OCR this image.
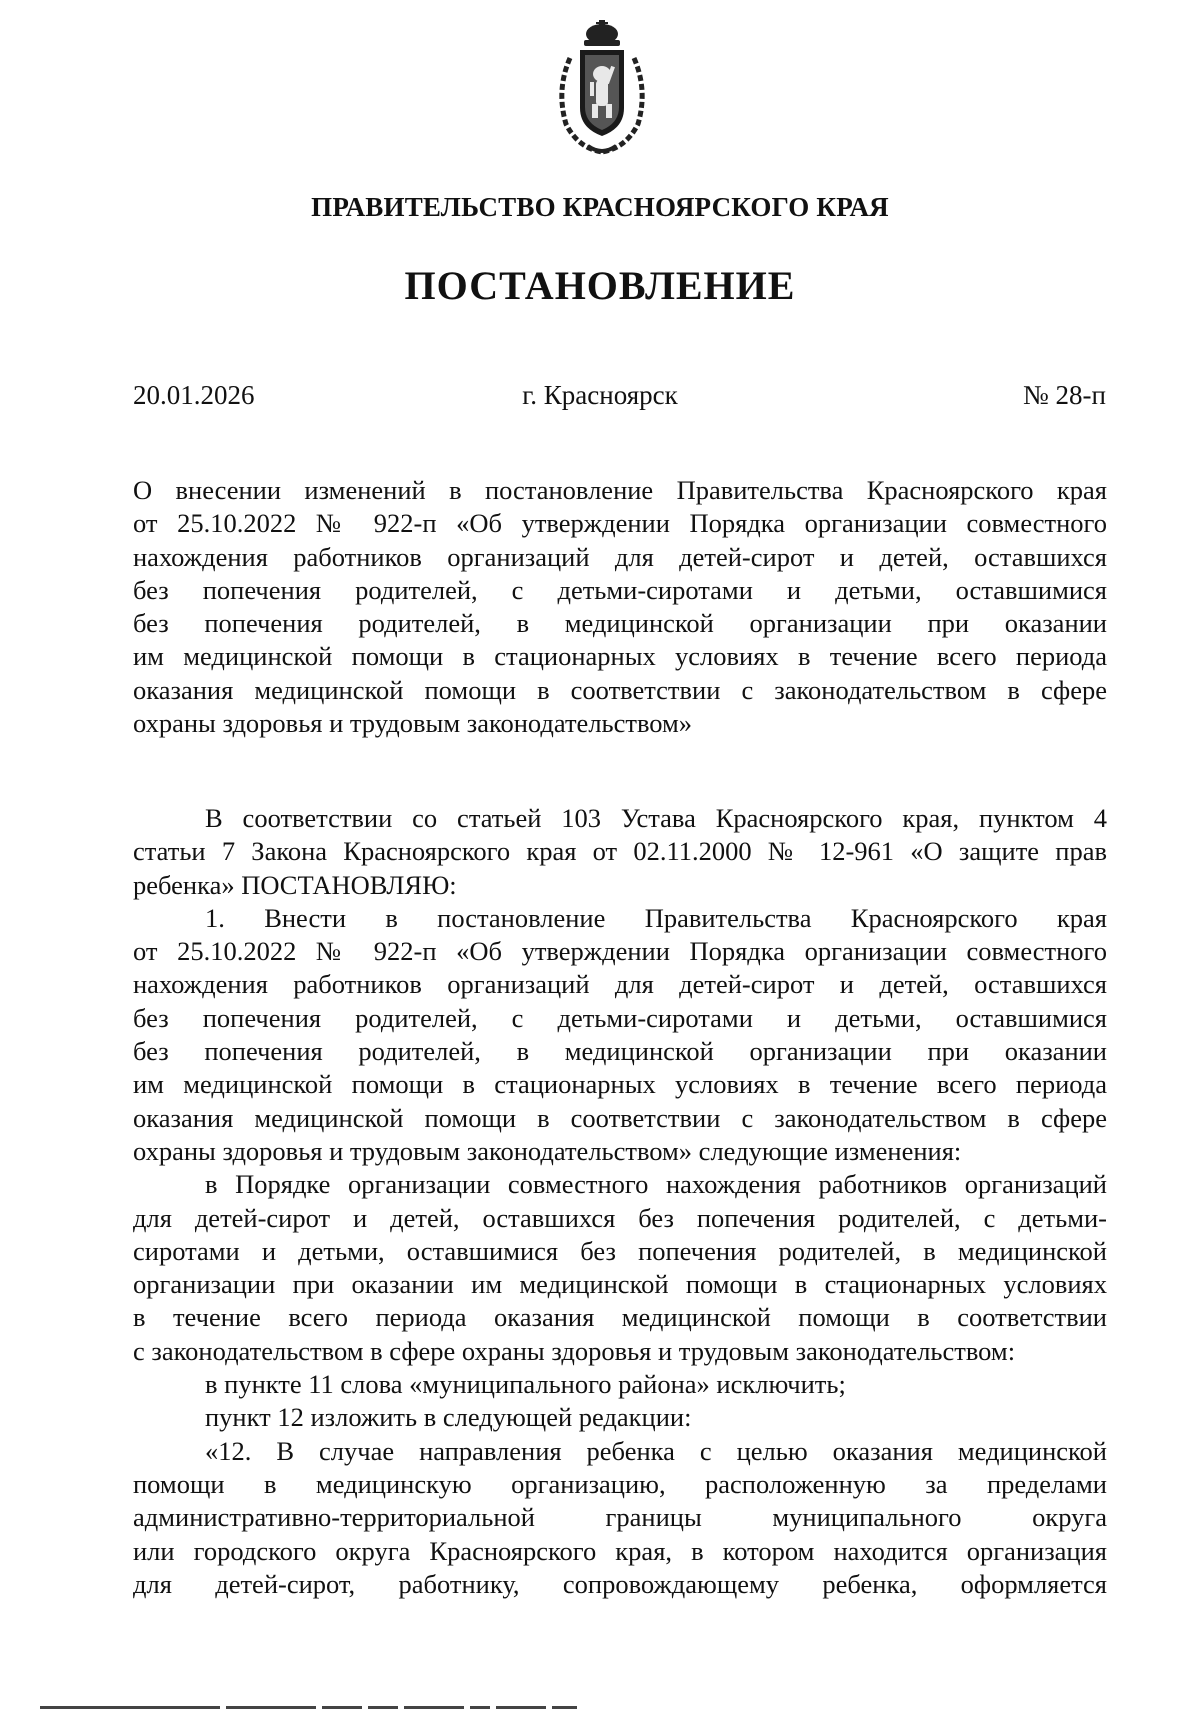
ПРАВИТЕЛЬСТВО КРАСНОЯРСКОГО КРАЯ
ПОСТАНОВЛЕНИЕ
20.01.2026	г. Красноярск	№ 28-п
О внесении изменений в постановление Правительства Красноярского края
от 25.10.2022 № 922-п «Об утверждении Порядка организации совместного
нахождения работников организаций для детей-сирот и детей, оставшихся
без попечения родителей, с детьми-сиротами и детьми, оставшимися
без попечения родителей, в медицинской организации при оказании
им медицинской помощи в стационарных условиях в течение всего периода
оказания медицинской помощи в соответствии с законодательством в сфере
охраны здоровья и трудовым законодательством»
В соответствии со статьей 103 Устава Красноярского края, пунктом 4
статьи 7 Закона Красноярского края от 02.11.2000 № 12-961 «О защите прав
ребенка» ПОСТАНОВЛЯЮ:
1. Внести в постановление Правительства Красноярского края
от 25.10.2022 № 922-п «Об утверждении Порядка организации совместного
нахождения работников организаций для детей-сирот и детей, оставшихся
без попечения родителей, с детьми-сиротами и детьми, оставшимися
без попечения родителей, в медицинской организации при оказании
им медицинской помощи в стационарных условиях в течение всего периода
оказания медицинской помощи в соответствии с законодательством в сфере
охраны здоровья и трудовым законодательством» следующие изменения:
в Порядке организации совместного нахождения работников организаций
для детей-сирот и детей, оставшихся без попечения родителей, с детьми-
сиротами и детьми, оставшимися без попечения родителей, в медицинской
организации при оказании им медицинской помощи в стационарных условиях
в течение всего периода оказания медицинской помощи в соответствии
с законодательством в сфере охраны здоровья и трудовым законодательством:
в пункте 11 слова «муниципального района» исключить;
пункт 12 изложить в следующей редакции:
«12. В случае направления ребенка с целью оказания медицинской
помощи в медицинскую организацию, расположенную за пределами
административно-территориальной границы муниципального округа
или городского округа Красноярского края, в котором находится организация
для детей-сирот, работнику, сопровождающему ребенка, оформляется
